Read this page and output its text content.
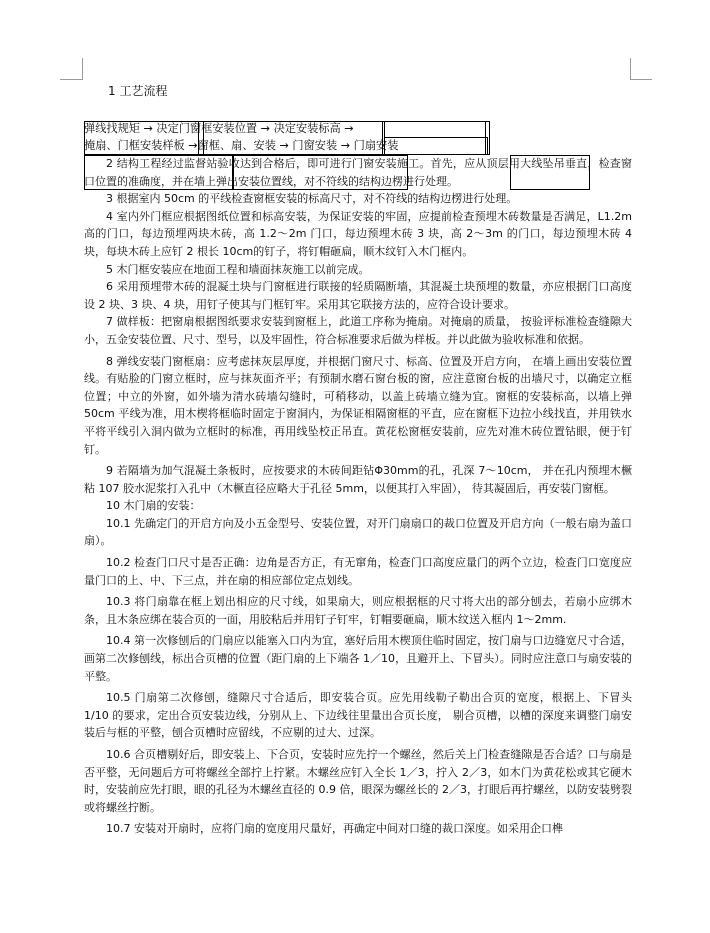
1 工艺流程
弹线找规矩 → 决定门窗框安装位置 → 决定安装标高 →
掩扇、门框安装样板 →窗框、扇、安装 → 门窗安装 → 门扇安装

2 结构工程经过监督站验收达到合格后，即可进行门窗安装施工。首先，应从顶层用大线坠吊垂直，检查窗口位置的准确度，并在墙上弹出安装位置线，对不符线的结构边楞进行处理。

3 根据室内 50cm 的平线检查窗框安装的标高尺寸，对不符线的结构边楞进行处理。

4 室内外门框应根据图纸位置和标高安装，为保证安装的牢固，应提前检查预埋木砖数量是否满足，L1.2m高的门口，每边预埋两块木砖，高 1.2～2m 门口，每边预埋木砖 3 块，高 2～3m 的门口，每边预埋木砖 4 块，每块木砖上应钉 2 根长 10cm的钉子，将钉帽砸扁，顺木纹钉入木门框内。

5 木门框安装应在地面工程和墙面抹灰施工以前完成。

6 采用预埋带木砖的混凝土块与门窗框进行联接的轻质隔断墙，其混凝土块预埋的数量，亦应根据门口高度设 2 块、3 块、4 块，用钉子使其与门框钉牢。采用其它联接方法的，应符合设计要求。

7 做样板：把窗扇根据图纸要求安装到窗框上，此道工序称为掩扇。对掩扇的质量， 按验评标准检查缝隙大小，五金安装位置、尺寸、型号，以及牢固性，符合标准要求后做为样板。并以此做为验收标准和依据。

8 弹线安装门窗框扇：应考虑抹灰层厚度，并根据门窗尺寸、标高、位置及开启方向， 在墙上画出安装位置线。有贴脸的门窗立框时，应与抹灰面齐平；有预制水磨石窗台板的窗，应注意窗台板的出墙尺寸，以确定立框位置；中立的外窗，如外墙为清水砖墙勾缝时，可稍移动，以盖上砖墙立缝为宜。窗框的安装标高，以墙上弹 50cm 平线为准，用木楔将框临时固定于窗洞内，为保证相隔窗框的平直，应在窗框下边拉小线找直，并用铁水平将平线引入洞内做为立框时的标准，再用线坠校正吊直。黄花松窗框安装前，应先对准木砖位置钻眼，便于钉钉。

9 若隔墙为加气混凝土条板时，应按要求的木砖间距钻Φ30mm的孔，孔深 7～10cm， 并在孔内预埋木橛粘 107 胶水泥浆打入孔中（木橛直径应略大于孔径 5mm，以便其打入牢固）， 待其凝固后，再安装门窗框。

10 木门扇的安装：

10.1 先确定门的开启方向及小五金型号、安装位置，对开门扇扇口的裁口位置及开启方向（一般右扇为盖口扇）。

10.2 检查门口尺寸是否正确：边角是否方正，有无窜角，检查门口高度应量门的两个立边，检查门口宽度应量门口的上、中、下三点，并在扇的相应部位定点划线。

10.3 将门扇靠在框上划出相应的尺寸线，如果扇大，则应根据框的尺寸将大出的部分刨去，若扇小应绑木条，且木条应绑在装合页的一面，用胶粘后并用钉子钉牢，钉帽要砸扁，顺木纹送入框内 1～2mm.

10.4 第一次修刨后的门扇应以能塞入口内为宜，塞好后用木楔顶住临时固定，按门扇与口边缝宽尺寸合适，画第二次修刨线，标出合页槽的位置（距门扇的上下端各 1／10，且避开上、下冒头）。同时应注意口与扇安装的平整。

10.5 门扇第二次修刨，缝隙尺寸合适后，即安装合页。应先用线勒子勒出合页的宽度，根据上、下冒头 1/10 的要求，定出合页安装边线，分别从上、下边线往里量出合页长度， 剔合页槽，以槽的深度来调整门扇安装后与框的平整，刨合页槽时应留线，不应剔的过大、过深。

10.6 合页槽剔好后，即安装上、下合页，安装时应先拧一个螺丝，然后关上门检查缝隙是否合适？口与扇是否平整，无问题后方可将螺丝全部拧上拧紧。木螺丝应钉入全长 1／3，拧入 2／3，如木门为黄花松或其它硬木时，安装前应先打眼，眼的孔径为木螺丝直径的 0.9 倍，眼深为螺丝长的 2／3，打眼后再拧螺丝，以防安装劈裂或将螺丝拧断。

10.7 安装对开扇时，应将门扇的宽度用尺量好，再确定中间对口缝的裁口深度。如采用企口榫
